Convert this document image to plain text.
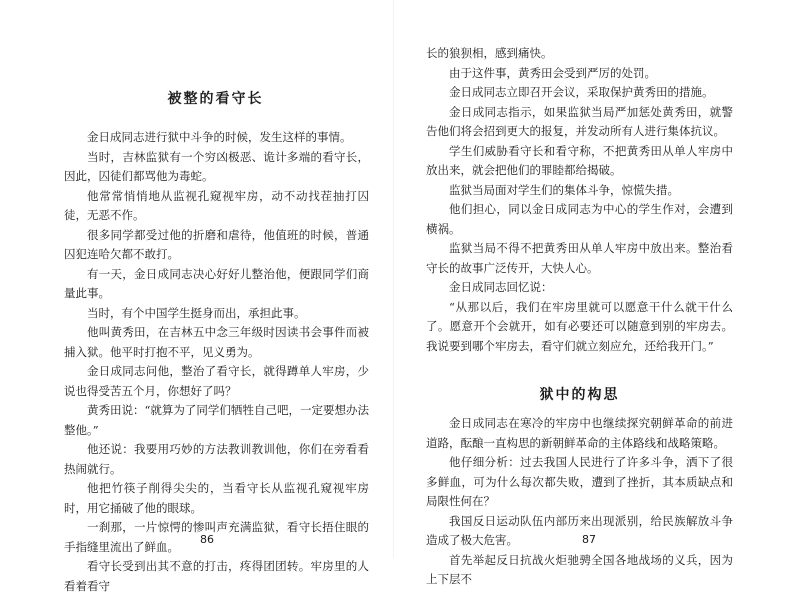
被整的看守长

金日成同志进行狱中斗争的时候，发生这样的事情。

当时，吉林监狱有一个穷凶极恶、诡计多端的看守长，因此，囚徒们都骂他为毒蛇。

他常常悄悄地从监视孔窥视牢房，动不动找茬抽打囚徒，无恶不作。

很多同学都受过他的折磨和虐待，他值班的时候，普通囚犯连哈欠都不敢打。

有一天，金日成同志决心好好儿整治他，便跟同学们商量此事。

当时，有个中国学生挺身而出，承担此事。

他叫黄秀田，在吉林五中念三年级时因读书会事件而被捕入狱。他平时打抱不平，见义勇为。

金日成同志问他，整治了看守长，就得蹲单人牢房，少说也得受苦五个月，你想好了吗？

黄秀田说：“就算为了同学们牺牲自己吧，一定要想办法整他。”

他还说：我要用巧妙的方法教训教训他，你们在旁看看热闹就行。

他把竹筷子削得尖尖的，当看守长从监视孔窥视牢房时，用它捅破了他的眼球。

一刹那，一片惊愕的惨叫声充满监狱，看守长捂住眼的手指缝里流出了鲜血。

看守长受到出其不意的打击，疼得团团转。牢房里的人看着看守

86

长的狼狈相，感到痛快。

由于这件事，黄秀田会受到严厉的处罚。

金日成同志立即召开会议，采取保护黄秀田的措施。

金日成同志指示，如果监狱当局严加惩处黄秀田，就警告他们将会招到更大的报复，并发动所有人进行集体抗议。

学生们威胁看守长和看守称，不把黄秀田从单人牢房中放出来，就会把他们的罪睦都给揭破。

监狱当局面对学生们的集体斗争，惊慌失措。

他们担心，同以金日成同志为中心的学生作对，会遭到横祸。

监狱当局不得不把黄秀田从单人牢房中放出来。整治看守长的故事广泛传开，大快人心。

金日成同志回忆说：

“从那以后，我们在牢房里就可以愿意干什么就干什么了。愿意开个会就开，如有必要还可以随意到别的牢房去。我说要到哪个牢房去，看守们就立刻应允，还给我开门。”

狱中的构思

金日成同志在寒冷的牢房中也继续探究朝鲜革命的前进道路，酝酿一直构思的新朝鲜革命的主体路线和战略策略。

他仔细分析：过去我国人民进行了许多斗争，洒下了很多鲜血，可为什么每次都失败，遭到了挫折，其本质缺点和局限性何在？

我国反日运动队伍内部历来出现派别，给民族解放斗争造成了极大危害。

首先举起反日抗战火炬驰骋全国各地战场的义兵，因为上下层不

87
